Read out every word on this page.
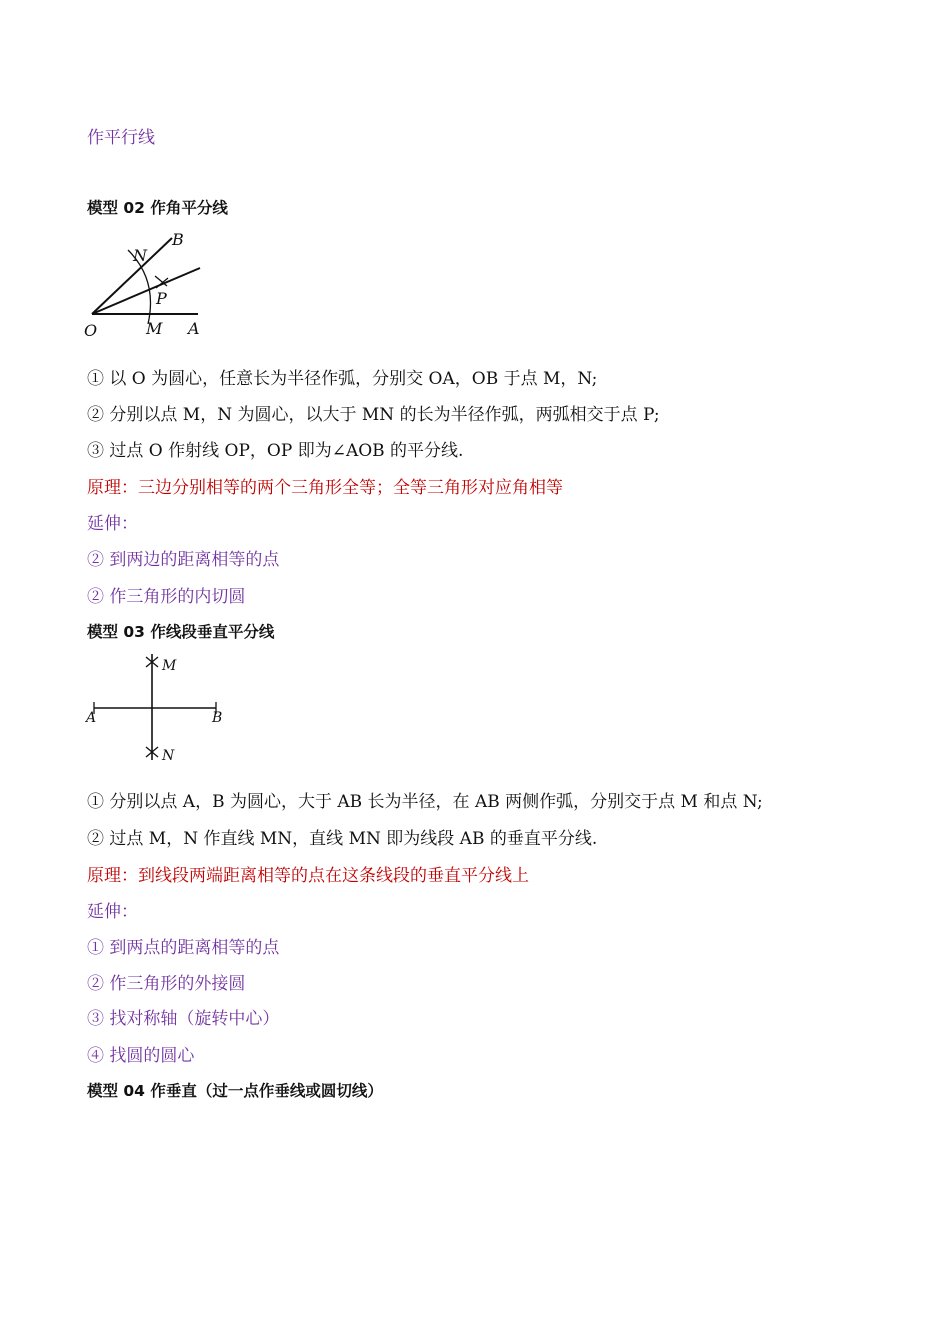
作平行线
模型 02 作角平分线
O	A
B
M
N
P
① 以 O 为圆心，任意长为半径作弧，分别交 OA，OB 于点 M，N;
② 分别以点 M，N 为圆心，以大于 MN 的长为半径作弧，两弧相交于点 P;
③ 过点 O 作射线 OP，OP 即为∠AOB 的平分线.
原理：三边分别相等的两个三角形全等；全等三角形对应角相等
延伸：
② 到两边的距离相等的点
② 作三角形的内切圆
模型 03 作线段垂直平分线
A	B
M
N
① 分别以点 A，B 为圆心，大于 AB 长为半径，在 AB 两侧作弧，分别交于点 M 和点 N;
② 过点 M，N 作直线 MN，直线 MN 即为线段 AB 的垂直平分线.
原理：到线段两端距离相等的点在这条线段的垂直平分线上
延伸：
① 到两点的距离相等的点
② 作三角形的外接圆
③ 找对称轴（旋转中心）
④ 找圆的圆心
模型 04 作垂直（过一点作垂线或圆切线）
